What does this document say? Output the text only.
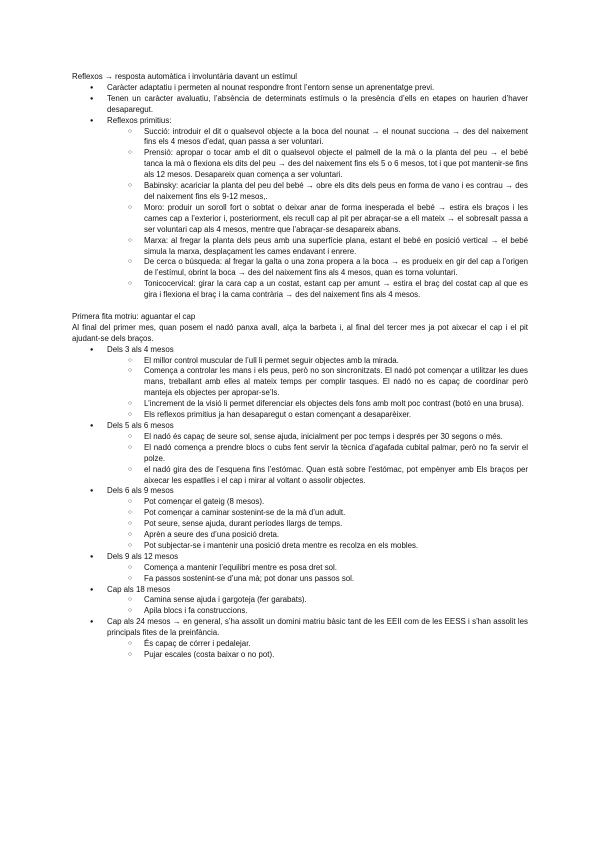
Reflexos → resposta automàtica i involuntària davant un estímul

● Caràcter adaptatiu i permeten al nounat respondre front l’entorn sense un aprenentatge previ.
● Tenen un caràcter avaluatiu, l’absència de determinats estímuls o la presència d’ells en etapes on haurien d’haver desaparegut.
● Reflexos primitius:
○ Succió: introduir el dit o qualsevol objecte a la boca del nounat → el nounat succiona → des del naixement fins els 4 mesos d’edat, quan passa a ser voluntari.
○ Prensió: apropar o tocar amb el dit o qualsevol objecte el palmell de la mà o la planta del peu → el bebé tanca la mà o flexiona els dits del peu → des del naixement fins els 5 o 6 mesos, tot i que pot mantenir-se fins als 12 mesos. Desapareix quan comença a ser voluntari.
○ Babinsky: acariciar la planta del peu del bebé → obre els dits dels peus en forma de vano i es contrau → des del naixement fins els 9-12 mesos,.
○ Moro: produir un soroll fort o sobtat o deixar anar de forma inesperada el bebé → estira els braços i les cames cap a l’exterior i, posteriorment, els recull cap al pit per abraçar-se a ell mateix → el sobresalt passa a ser voluntari cap als 4 mesos, mentre que l’abraçar-se desapareix abans.
○ Marxa: al fregar la planta dels peus amb una superfície plana, estant el bebé en posició vertical → el bebé simula la marxa, desplaçament les cames endavant i enrere.
○ De cerca o búsqueda: al fregar la galta o una zona propera a la boca → es produeix en gir del cap a l’origen de l’estímul, obrint la boca → des del naixement fins als 4 mesos, quan es torna voluntari.
○ Tonicocervical: girar la cara cap a un costat, estant cap per amunt → estira el braç del costat cap al que es gira i flexiona el braç i la cama contrària → des del naixement fins als 4 mesos.

Primera fita motriu: aguantar el cap

Al final del primer mes, quan posem el nadó panxa avall, alça la barbeta i, al final del tercer mes ja pot aixecar el cap i el pit ajudant-se dels braços.

● Dels 3 als 4 mesos
○ El millor control muscular de l’ull li permet seguir objectes amb la mirada.
○ Comença a controlar les mans i els peus, però no son sincronitzats. El nadó pot començar a utilitzar les dues mans, treballant amb elles al mateix temps per complir tasques. El nadó no es capaç de coordinar però manteja els objectes per apropar-se’ls.
○ L’increment de la visió li permet diferenciar els objectes dels fons amb molt poc contrast (botó en una brusa).
○ Els reflexos primitius ja han desaparegut o estan començant a desaparèixer.
● Dels 5 als 6 mesos
○ El nadó és capaç de seure sol, sense ajuda, inicialment per poc temps i després per 30 segons o més.
○ El nadó comença a prendre blocs o cubs fent servir la tècnica d’agafada cubital palmar, però no fa servir el polze.
○ el nadó gira des de l’esquena fins l’estómac. Quan està sobre l’estómac, pot empènyer amb Els braços per aixecar les espatlles i el cap i mirar al voltant o assolir objectes.
● Dels 6 als 9 mesos
○ Pot començar el gateig (8 mesos).
○ Pot començar a caminar sostenint-se de la mà d’un adult.
○ Pot seure, sense ajuda, durant períodes llargs de temps.
○ Aprèn a seure des d’una posició dreta.
○ Pot subjectar-se i mantenir una posició dreta mentre es recolza en els mobles.
● Dels 9 als 12 mesos
○ Comença a mantenir l’equilibri mentre es posa dret sol.
○ Fa passos sostenint-se d’una mà; pot donar uns passos sol.
● Cap als 18 mesos
○ Camina sense ajuda i gargoteja (fer garabats).
○ Apila blocs i fa construccions.
● Cap als 24 mesos → en general, s’ha assolit un domini matriu bàsic tant de les EEII com de les EESS i s’han assolit les principals fites de la preinfància.
○ És capaç de córrer i pedalejar.
○ Pujar escales (costa baixar o no pot).
